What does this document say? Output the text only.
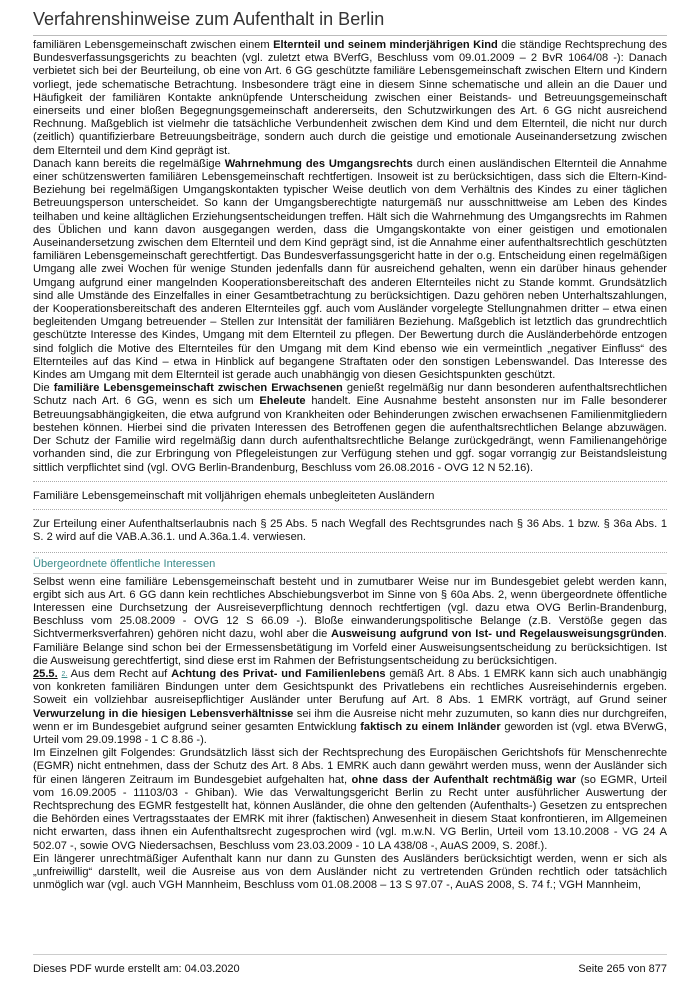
Verfahrenshinweise zum Aufenthalt in Berlin

familiären Lebensgemeinschaft zwischen einem Elternteil und seinem minderjährigen Kind die ständige Rechtsprechung des Bundesverfassungsgerichts zu beachten (vgl. zuletzt etwa BVerfG, Beschluss vom 09.01.2009 – 2 BvR 1064/08 -): Danach verbietet sich bei der Beurteilung, ob eine von Art. 6 GG geschützte familiäre Lebensgemeinschaft zwischen Eltern und Kindern vorliegt, jede schematische Betrachtung. Insbesondere trägt eine in diesem Sinne schematische und allein an die Dauer und Häufigkeit der familiären Kontakte anknüpfende Unterscheidung zwischen einer Beistands- und Betreuungsgemeinschaft einerseits und einer bloßen Begegnungsgemeinschaft andererseits, den Schutzwirkungen des Art. 6 GG nicht ausreichend Rechnung. Maßgeblich ist vielmehr die tatsächliche Verbundenheit zwischen dem Kind und dem Elternteil, die nicht nur durch (zeitlich) quantifizierbare Betreuungsbeiträge, sondern auch durch die geistige und emotionale Auseinandersetzung zwischen dem Elternteil und dem Kind geprägt ist.

Danach kann bereits die regelmäßige Wahrnehmung des Umgangsrechts durch einen ausländischen Elternteil die Annahme einer schützenswerten familiären Lebensgemeinschaft rechtfertigen. Insoweit ist zu berücksichtigen, dass sich die Eltern-Kind-Beziehung bei regelmäßigen Umgangskontakten typischer Weise deutlich von dem Verhältnis des Kindes zu einer täglichen Betreuungsperson unterscheidet. So kann der Umgangsberechtigte naturgemäß nur ausschnittweise am Leben des Kindes teilhaben und keine alltäglichen Erziehungsentscheidungen treffen. Hält sich die Wahrnehmung des Umgangsrechts im Rahmen des Üblichen und kann davon ausgegangen werden, dass die Umgangskontakte von einer geistigen und emotionalen Auseinandersetzung zwischen dem Elternteil und dem Kind geprägt sind, ist die Annahme einer aufenthaltsrechtlich geschützten familiären Lebensgemeinschaft gerechtfertigt. Das Bundesverfassungsgericht hatte in der o.g. Entscheidung einen regelmäßigen Umgang alle zwei Wochen für wenige Stunden jedenfalls dann für ausreichend gehalten, wenn ein darüber hinaus gehender Umgang aufgrund einer mangelnden Kooperationsbereitschaft des anderen Elternteiles nicht zu Stande kommt. Grundsätzlich sind alle Umstände des Einzelfalles in einer Gesamtbetrachtung zu berücksichtigen. Dazu gehören neben Unterhaltszahlungen, der Kooperationsbereitschaft des anderen Elternteiles ggf. auch vom Ausländer vorgelegte Stellungnahmen dritter – etwa einen begleitenden Umgang betreuender – Stellen zur Intensität der familiären Beziehung. Maßgeblich ist letztlich das grundrechtlich geschützte Interesse des Kindes, Umgang mit dem Elternteil zu pflegen. Der Bewertung durch die Ausländerbehörde entzogen sind folglich die Motive des Elternteiles für den Umgang mit dem Kind ebenso wie ein vermeintlich „negativer Einfluss“ des Elternteiles auf das Kind – etwa in Hinblick auf begangene Straftaten oder den sonstigen Lebenswandel. Das Interesse des Kindes am Umgang mit dem Elternteil ist gerade auch unabhängig von diesen Gesichtspunkten geschützt.

Die familiäre Lebensgemeinschaft zwischen Erwachsenen genießt regelmäßig nur dann besonderen aufenthaltsrechtlichen Schutz nach Art. 6 GG, wenn es sich um Eheleute handelt. Eine Ausnahme besteht ansonsten nur im Falle besonderer Betreuungsabhängigkeiten, die etwa aufgrund von Krankheiten oder Behinderungen zwischen erwachsenen Familienmitgliedern bestehen können. Hierbei sind die privaten Interessen des Betroffenen gegen die aufenthaltsrechtlichen Belange abzuwägen. Der Schutz der Familie wird regelmäßig dann durch aufenthaltsrechtliche Belange zurückgedrängt, wenn Familienangehörige vorhanden sind, die zur Erbringung von Pflegeleistungen zur Verfügung stehen und ggf. sogar vorrangig zur Beistandsleistung sittlich verpflichtet sind (vgl. OVG Berlin-Brandenburg, Beschluss vom 26.08.2016 - OVG 12 N 52.16).

Familiäre Lebensgemeinschaft mit volljährigen ehemals unbegleiteten Ausländern

Zur Erteilung einer Aufenthaltserlaubnis nach § 25 Abs. 5 nach Wegfall des Rechtsgrundes nach § 36 Abs. 1 bzw. § 36a Abs. 1 S. 2 wird auf die VAB.A.36.1. und A.36a.1.4. verwiesen.

Übergeordnete öffentliche Interessen

Selbst wenn eine familiäre Lebensgemeinschaft besteht und in zumutbarer Weise nur im Bundesgebiet gelebt werden kann, ergibt sich aus Art. 6 GG dann kein rechtliches Abschiebungsverbot im Sinne von § 60a Abs. 2, wenn übergeordnete öffentliche Interessen eine Durchsetzung der Ausreiseverpflichtung dennoch rechtfertigen (vgl. dazu etwa OVG Berlin-Brandenburg, Beschluss vom 25.08.2009 - OVG 12 S 66.09 -). Bloße einwanderungspolitische Belange (z.B. Verstöße gegen das Sichtvermerksverfahren) gehören nicht dazu, wohl aber die Ausweisung aufgrund von Ist- und Regelausweisungsgründen. Familiäre Belange sind schon bei der Ermessensbetätigung im Vorfeld einer Ausweisungsentscheidung zu berücksichtigen. Ist die Ausweisung gerechtfertigt, sind diese erst im Rahmen der Befristungsentscheidung zu berücksichtigen.

25.5. 2. Aus dem Recht auf Achtung des Privat- und Familienlebens gemäß Art. 8 Abs. 1 EMRK kann sich auch unabhängig von konkreten familiären Bindungen unter dem Gesichtspunkt des Privatlebens ein rechtliches Ausreisehindernis ergeben. Soweit ein vollziehbar ausreisepflichtiger Ausländer unter Berufung auf Art. 8 Abs. 1 EMRK vorträgt, auf Grund seiner Verwurzelung in die hiesigen Lebensverhältnisse sei ihm die Ausreise nicht mehr zuzumuten, so kann dies nur durchgreifen, wenn er im Bundesgebiet aufgrund seiner gesamten Entwicklung faktisch zu einem Inländer geworden ist (vgl. etwa BVerwG, Urteil vom 29.09.1998 - 1 C 8.86 -).

Im Einzelnen gilt Folgendes: Grundsätzlich lässt sich der Rechtsprechung des Europäischen Gerichtshofs für Menschenrechte (EGMR) nicht entnehmen, dass der Schutz des Art. 8 Abs. 1 EMRK auch dann gewährt werden muss, wenn der Ausländer sich für einen längeren Zeitraum im Bundesgebiet aufgehalten hat, ohne dass der Aufenthalt rechtmäßig war (so EGMR, Urteil vom 16.09.2005 - 11103/03 - Ghiban). Wie das Verwaltungsgericht Berlin zu Recht unter ausführlicher Auswertung der Rechtsprechung des EGMR festgestellt hat, können Ausländer, die ohne den geltenden (Aufenthalts-) Gesetzen zu entsprechen die Behörden eines Vertragsstaates der EMRK mit ihrer (faktischen) Anwesenheit in diesem Staat konfrontieren, im Allgemeinen nicht erwarten, dass ihnen ein Aufenthaltsrecht zugesprochen wird (vgl. m.w.N. VG Berlin, Urteil vom 13.10.2008 - VG 24 A 502.07 -, sowie OVG Niedersachsen, Beschluss vom 23.03.2009 - 10 LA 438/08 -, AuAS 2009, S. 208f.).

Ein längerer unrechtmäßiger Aufenthalt kann nur dann zu Gunsten des Ausländers berücksichtigt werden, wenn er sich als „unfreiwillig“ darstellt, weil die Ausreise aus von dem Ausländer nicht zu vertretenden Gründen rechtlich oder tatsächlich unmöglich war (vgl. auch VGH Mannheim, Beschluss vom 01.08.2008 – 13 S 97.07 -, AuAS 2008, S. 74 f.; VGH Mannheim,

Dieses PDF wurde erstellt am: 04.03.2020	Seite 265 von 877
